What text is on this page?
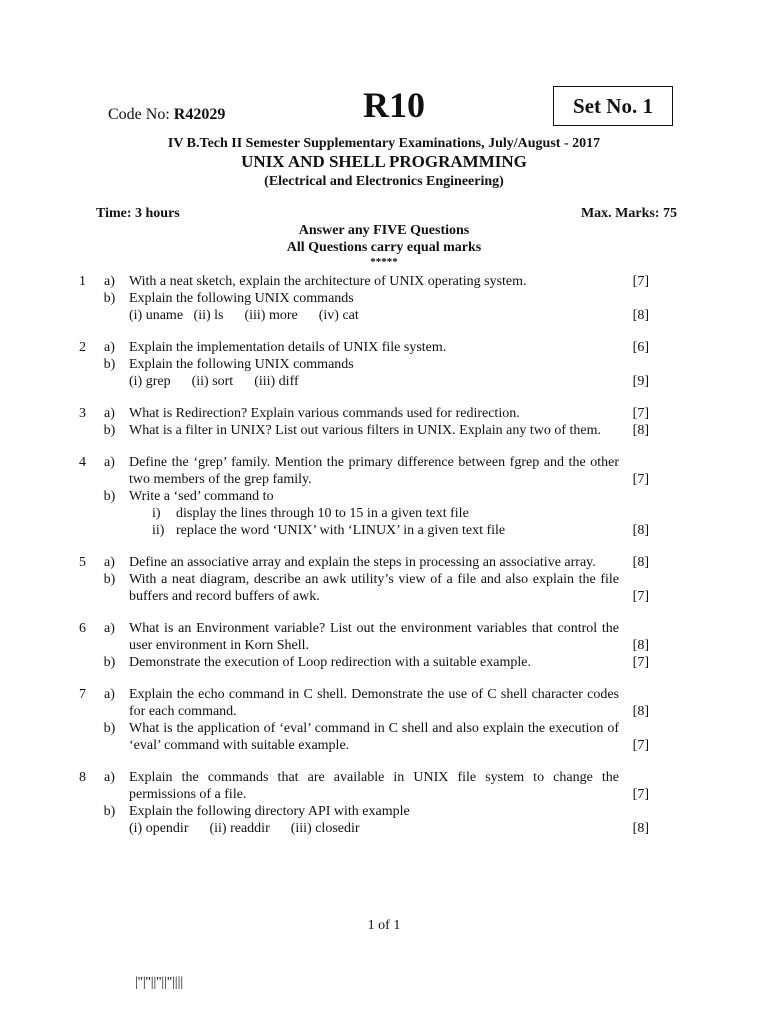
Code No: R42029	R10	Set No. 1
IV B.Tech II Semester Supplementary Examinations, July/August - 2017
UNIX AND SHELL PROGRAMMING
(Electrical and Electronics Engineering)
Time: 3 hours	Max. Marks: 75
Answer any FIVE Questions
All Questions carry equal marks
*****
1	a)	With a neat sketch, explain the architecture of UNIX operating system.	[7]
b) Explain the following UNIX commands
(i) uname   (ii) ls      (iii) more      (iv) cat	[8]
2	a)	Explain the implementation details of UNIX file system.	[6]
b) Explain the following UNIX commands
(i) grep      (ii) sort      (iii) diff	[9]
3	a)	What is Redirection? Explain various commands used for redirection.	[7]
b) What is a filter in UNIX? List out various filters in UNIX. Explain any two of them.	[8]
4	a)	Define the ‘grep’ family. Mention the primary difference between fgrep and the other two members of the grep family.	[7]
b) Write a ‘sed’ command to
i)	display the lines through 10 to 15 in a given text file
ii) replace the word ‘UNIX’ with ‘LINUX’ in a given text file	[8]
5	a)	Define an associative array and explain the steps in processing an associative array.	[8]
b) With a neat diagram, describe an awk utility’s view of a file and also explain the file buffers and record buffers of awk.	[7]
6	a)	What is an Environment variable? List out the environment variables that control the user environment in Korn Shell.	[8]
b) Demonstrate the execution of Loop redirection with a suitable example.	[7]
7	a)	Explain the echo command in C shell. Demonstrate the use of C shell character codes for each command.	[8]
b) What is the application of ‘eval’ command in C shell and also explain the execution of ‘eval’ command with suitable example.	[7]
8	a)	Explain the commands that are available in UNIX file system to change the permissions of a file.	[7]
b) Explain the following directory API with example
(i) opendir      (ii) readdir      (iii) closedir	[8]
1 of 1
|''|''||''||''||||
